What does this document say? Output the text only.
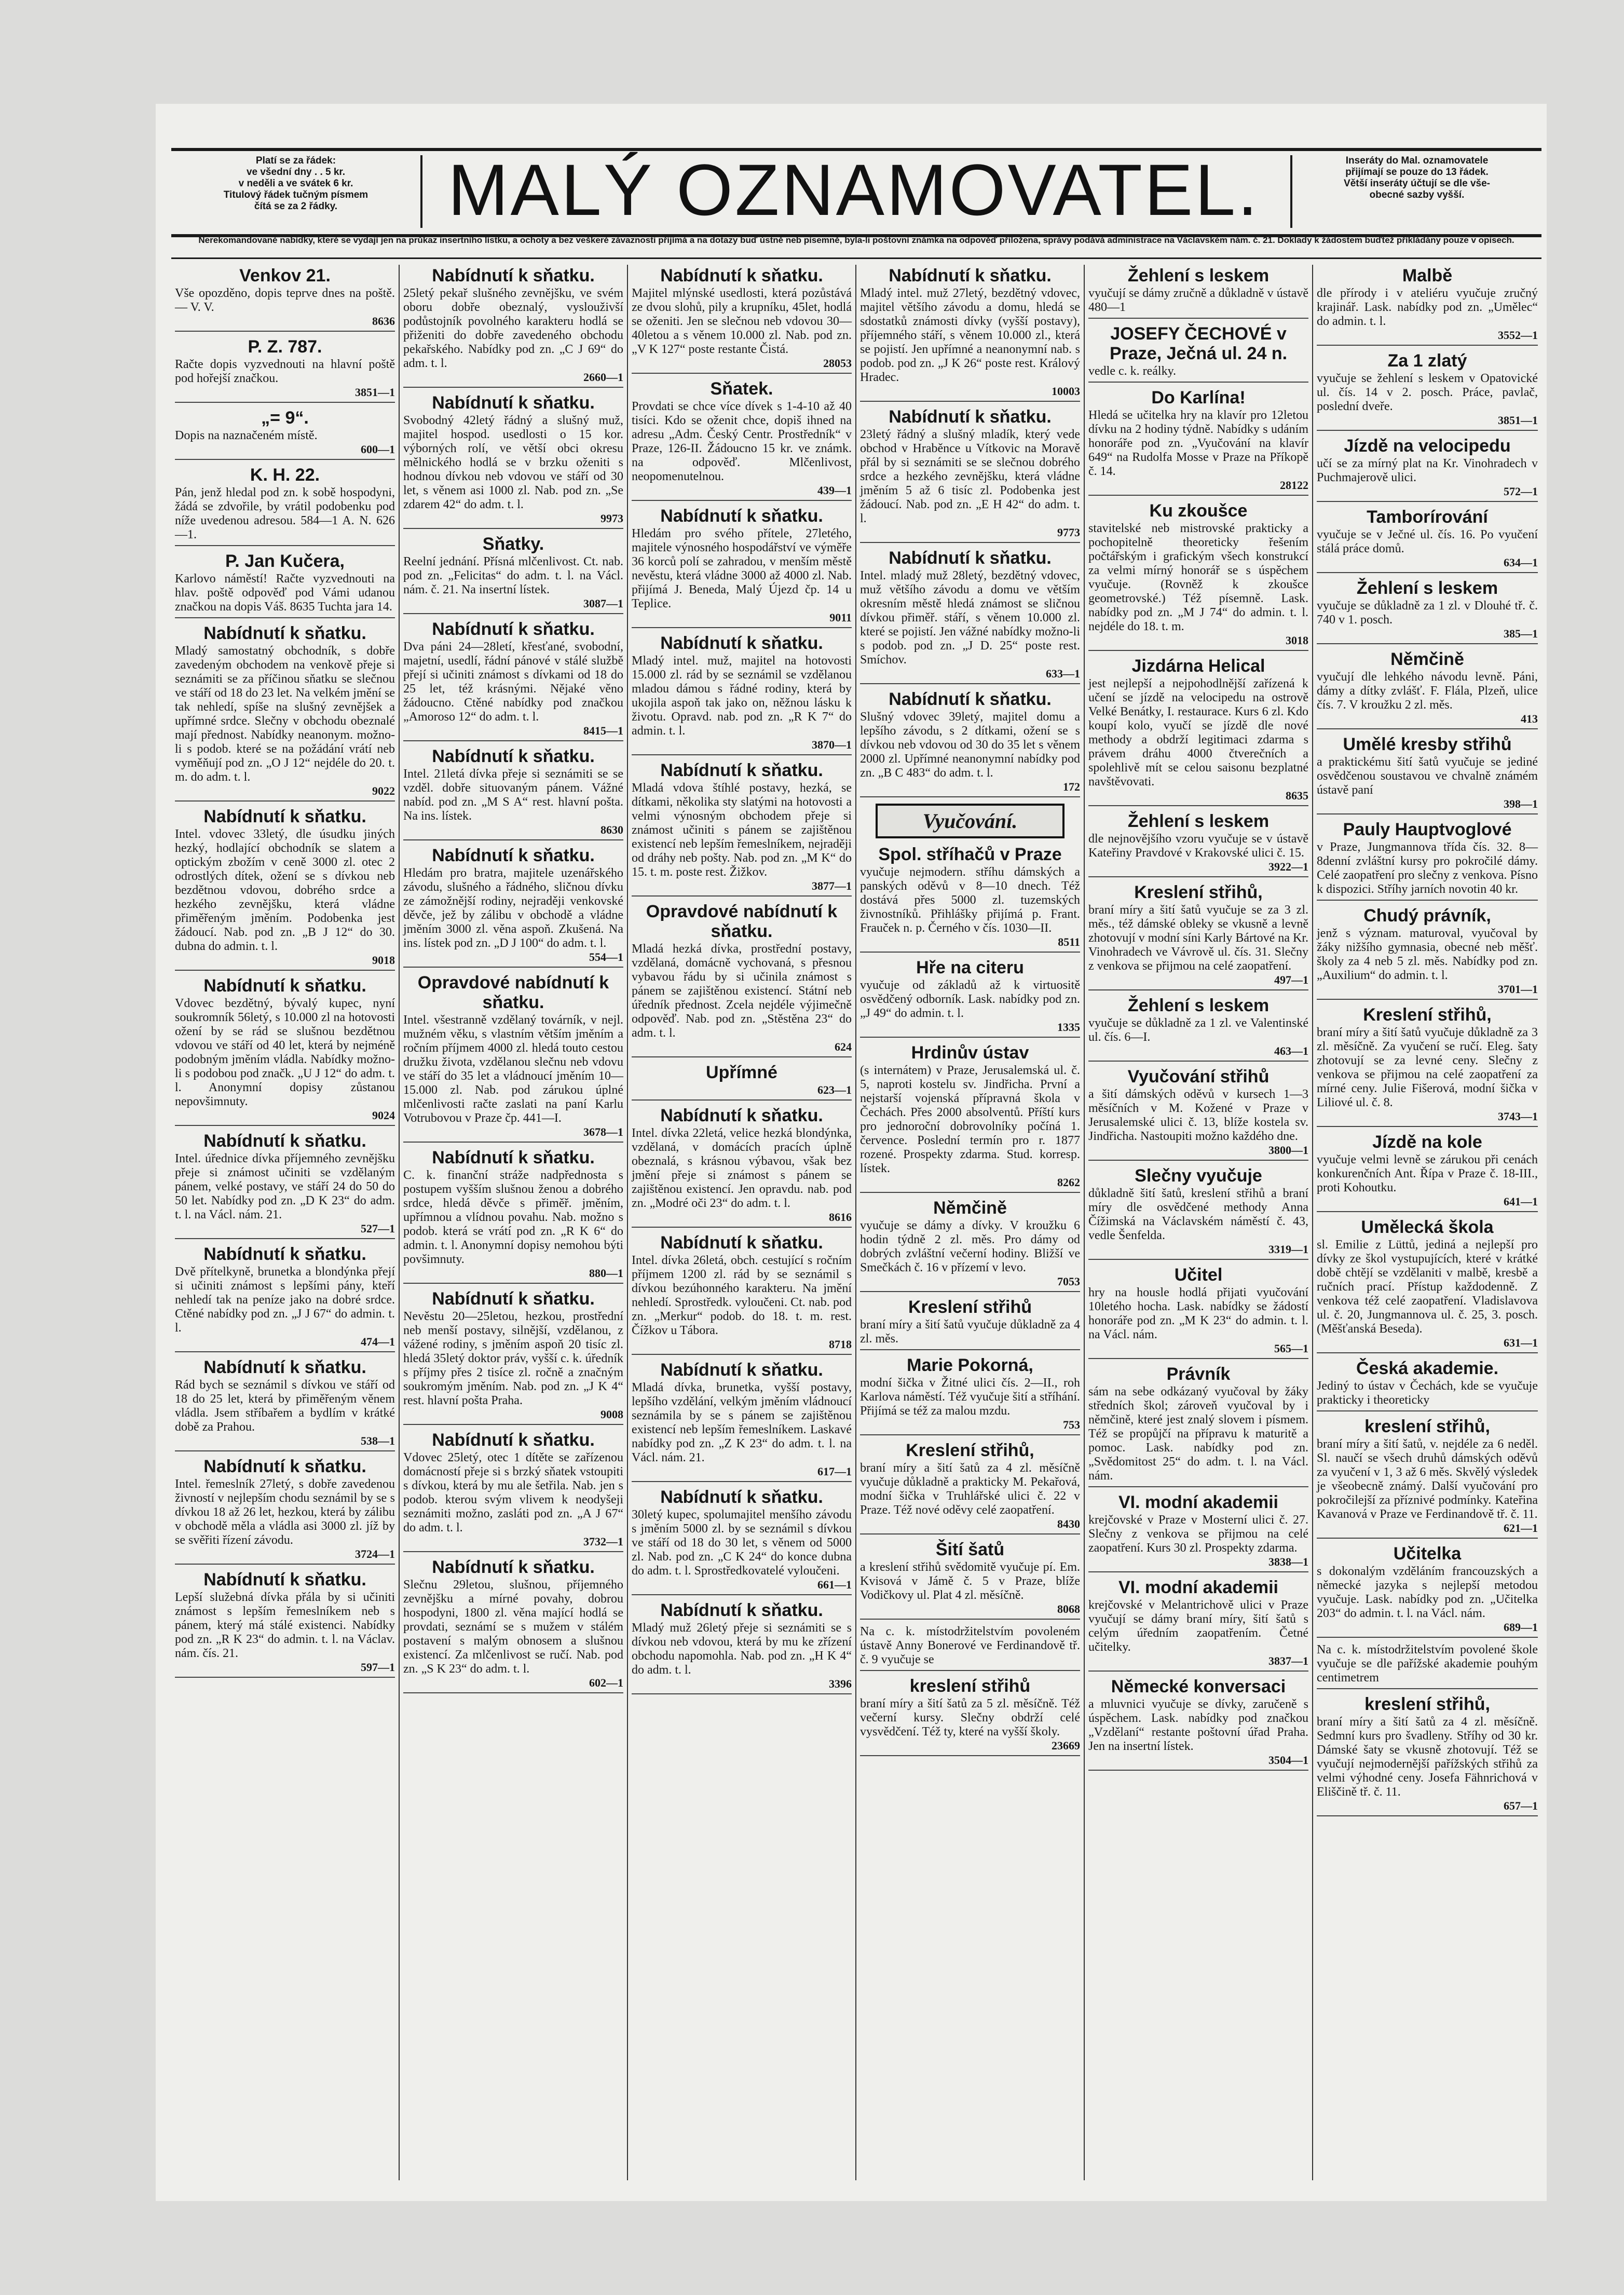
Platí se za řádek:
ve všední dny . . 5 kr.
v neděli a ve svátek 6 kr.
Titulový řádek tučným písmem
čítá se za 2 řádky.	MALÝ OZNAMOVATEL.	Inseráty do Mal. oznamovatele
přijímají se pouze do 13 řádek.
Větší inseráty účtují se dle vše-
obecné sazby vyšší.
Nerekomandované nabídky, které se vydají jen na průkaz insertního lístku, a ochoty a bez veškeré závaznosti přijímá a na dotazy buď ústně neb písemně, byla-li poštovní známka na odpověď přiložena, správy podává administrace na Václavském nám. č. 21. Doklady k žádostem buďtež přikládány pouze v opisech.
Venkov 21.
Vše opozděno, dopis teprve dnes na poště. — V. V.
8636
P. Z. 787.
Račte dopis vyzvednouti na hlavní poště pod hořejší značkou.
3851—1
„= 9“.
Dopis na naznačeném místě.
600—1
K. H. 22.
Pán, jenž hledal pod zn. k sobě hospodyni, žádá se zdvořile, by vrátil podobenku pod níže uvedenou adresou. 584—1 A. N. 626—1.
P. Jan Kučera,
Karlovo náměstí! Račte vyzvednouti na hlav. poště odpověď pod Vámi udanou značkou na dopis Váš. 8635 Tuchta jara 14.
Nabídnutí k sňatku.
Mladý samostatný obchodník, s dobře zavedeným obchodem na venkově přeje si seznámiti se za příčinou sňatku se slečnou ve stáří od 18 do 23 let. Na velkém jmění se tak nehledí, spíše na slušný zevnějšek a upřímné srdce. Slečny v obchodu obeznalé mají přednost. Nabídky neanonym. možno-li s podob. které se na požádání vrátí neb vyměňují pod zn. „O J 12“ nejdéle do 20. t. m. do adm. t. l.
9022
Nabídnutí k sňatku.
Intel. vdovec 33letý, dle úsudku jiných hezký, hodlající obchodník se slatem a optickým zbožím v ceně 3000 zl. otec 2 odrostlých dítek, ožení se s dívkou neb bezdětnou vdovou, dobrého srdce a hezkého zevnějšku, která vládne přiměřeným jměním. Podobenka jest žádoucí. Nab. pod zn. „B J 12“ do 30. dubna do admin. t. l.
9018
Nabídnutí k sňatku.
Vdovec bezdětný, bývalý kupec, nyní soukromník 56letý, s 10.000 zl na hotovosti ožení by se rád se slušnou bezdětnou vdovou ve stáří od 40 let, která by nejméně podobným jměním vládla. Nabídky možno-li s podobou pod značk. „U J 12“ do adm. t. l. Anonymní dopisy zůstanou nepovšimnuty.
9024
Nabídnutí k sňatku.
Intel. úřednice dívka příjemného zevnějšku přeje si známost učiniti se vzdělaným pánem, velké postavy, ve stáří 24 do 50 do 50 let. Nabídky pod zn. „D K 23“ do adm. t. l. na Václ. nám. 21.
527—1
Nabídnutí k sňatku.
Dvě přítelkyně, brunetka a blondýnka přejí si učiniti známost s lepšími pány, kteří nehledí tak na peníze jako na dobré srdce. Ctěné nabídky pod zn. „J J 67“ do admin. t. l.
474—1
Nabídnutí k sňatku.
Rád bych se seznámil s dívkou ve stáří od 18 do 25 let, která by přiměřeným věnem vládla. Jsem stříbařem a bydlím v krátké době za Prahou.
538—1
Nabídnutí k sňatku.
Intel. řemeslník 27letý, s dobře zavedenou živností v nejlepším chodu seznámil by se s dívkou 18 až 26 let, hezkou, která by zálibu v obchodě měla a vládla asi 3000 zl. jíž by se svěřiti řízení závodu.
3724—1
Nabídnutí k sňatku.
Lepší služebná dívka přála by si učiniti známost s lepším řemeslníkem neb s pánem, který má stálé existenci. Nabídky pod zn. „R K 23“ do admin. t. l. na Václav. nám. čís. 21.
597—1
Nabídnutí k sňatku.
25letý pekař slušného zevnějšku, ve svém oboru dobře obeznalý, vyslouživší podůstojník povolného karakteru hodlá se přiženiti do dobře zavedeného obchodu pekařského. Nabídky pod zn. „C J 69“ do adm. t. l.
2660—1
Nabídnutí k sňatku.
Svobodný 42letý řádný a slušný muž, majitel hospod. usedlosti o 15 kor. výborných rolí, ve větší obci okresu mělnického hodlá se v brzku oženiti s hodnou dívkou neb vdovou ve stáří od 30 let, s věnem asi 1000 zl. Nab. pod zn. „Se zdarem 42“ do adm. t. l.
9973
Sňatky.
Reelní jednání. Přísná mlčenlivost. Ct. nab. pod zn. „Felicitas“ do adm. t. l. na Václ. nám. č. 21. Na insertní lístek.
3087—1
Nabídnutí k sňatku.
Dva páni 24—28letí, křesťané, svobodní, majetní, usedlí, řádní pánové v stálé službě přejí si učiniti známost s dívkami od 18 do 25 let, též krásnými. Nějaké věno žádoucno. Ctěné nabídky pod značkou „Amoroso 12“ do adm. t. l.
8415—1
Nabídnutí k sňatku.
Intel. 21letá dívka přeje si seznámiti se se vzděl. dobře situovaným pánem. Vážné nabíd. pod zn. „M S A“ rest. hlavní pošta. Na ins. lístek.
8630
Nabídnutí k sňatku.
Hledám pro bratra, majitele uzenářského závodu, slušného a řádného, sličnou dívku ze zámožnější rodiny, nejraději venkovské děvče, jež by zálibu v obchodě a vládne jměním 3000 zl. věna aspoň. Zkušená. Na ins. lístek pod zn. „D J 100“ do adm. t. l.
554—1
Opravdové nabídnutí k sňatku.
Intel. všestranně vzdělaný továrník, v nejl. mužném věku, s vlastním větším jměním a ročním příjmem 4000 zl. hledá touto cestou družku života, vzdělanou slečnu neb vdovu ve stáří do 35 let a vládnoucí jměním 10—15.000 zl. Nab. pod zárukou úplné mlčenlivosti račte zaslati na paní Karlu Votrubovou v Praze čp. 441—I.
3678—1
Nabídnutí k sňatku.
C. k. finanční stráže nadpřednosta s postupem vyšším slušnou ženou a dobrého srdce, hledá děvče s přiměř. jměním, upřímnou a vlídnou povahu. Nab. možno s podob. která se vrátí pod zn. „R K 6“ do admin. t. l. Anonymní dopisy nemohou býti povšimnuty.
880—1
Nabídnutí k sňatku.
Nevěstu 20—25letou, hezkou, prostřední neb menší postavy, silnější, vzdělanou, z vážené rodiny, s jměním aspoň 20 tisíc zl. hledá 35letý doktor práv, vyšší c. k. úředník s příjmy přes 2 tisíce zl. ročně a značným soukromým jměním. Nab. pod zn. „J K 4“ rest. hlavní pošta Praha.
9008
Nabídnutí k sňatku.
Vdovec 25letý, otec 1 dítěte se zařízenou domácností přeje si s brzký sňatek vstoupiti s dívkou, která by mu ale šetřila. Nab. jen s podob. kterou svým vlivem k neodyšeji seznámiti možno, zasláti pod zn. „A J 67“ do adm. t. l.
3732—1
Nabídnutí k sňatku.
Slečnu 29letou, slušnou, příjemného zevnějšku a mírné povahy, dobrou hospodyni, 1800 zl. věna mající hodlá se provdati, seznámí se s mužem v stálém postavení s malým obnosem a slušnou existencí. Za mlčenlivost se ručí. Nab. pod zn. „S K 23“ do adm. t. l.
602—1
Nabídnutí k sňatku.
Majitel mlýnské usedlosti, která pozůstává ze dvou slohů, pily a krupníku, 45let, hodlá se oženiti. Jen se slečnou neb vdovou 30—40letou a s věnem 10.000 zl. Nab. pod zn. „V K 127“ poste restante Čistá.
28053
Sňatek.
Provdati se chce více dívek s 1-4-10 až 40 tisíci. Kdo se oženit chce, dopiš ihned na adresu „Adm. Český Centr. Prostředník“ v Praze, 126-II. Žádoucno 15 kr. ve známk. na odpověď. Mlčenlivost, neopomenutelnou.
439—1
Nabídnutí k sňatku.
Hledám pro svého přítele, 27letého, majitele výnosného hospodářství ve výměře 36 korců polí se zahradou, v menším městě nevěstu, která vládne 3000 až 4000 zl. Nab. přijímá J. Beneda, Malý Újezd čp. 14 u Teplice.
9011
Nabídnutí k sňatku.
Mladý intel. muž, majitel na hotovosti 15.000 zl. rád by se seznámil se vzdělanou mladou dámou s řádné rodiny, která by ukojila aspoň tak jako on, něžnou lásku k životu. Opravd. nab. pod zn. „R K 7“ do admin. t. l.
3870—1
Nabídnutí k sňatku.
Mladá vdova štíhlé postavy, hezká, se dítkami, několika sty slatými na hotovosti a velmi výnosným obchodem přeje si známost učiniti s pánem se zajištěnou existencí neb lepším řemeslníkem, nejraději od dráhy neb pošty. Nab. pod zn. „M K“ do 15. t. m. poste rest. Žižkov.
3877—1
Opravdové nabídnutí k sňatku.
Mladá hezká dívka, prostřední postavy, vzdělaná, domácně vychovaná, s přesnou vybavou řádu by si učinila známost s pánem se zajištěnou existencí. Státní neb úředník přednost. Zcela nejdéle výjimečně odpověď. Nab. pod zn. „Stěstěna 23“ do adm. t. l.
624
Upřímné
623—1
Nabídnutí k sňatku.
Intel. dívka 22letá, velice hezká blondýnka, vzdělaná, v domácích pracích úplně obeznalá, s krásnou výbavou, však bez jmění přeje si známost s pánem se zajištěnou existencí. Jen opravdu. nab. pod zn. „Modré oči 23“ do adm. t. l.
8616
Nabídnutí k sňatku.
Intel. dívka 26letá, obch. cestující s ročním příjmem 1200 zl. rád by se seznámil s dívkou bezúhonného karakteru. Na jmění nehledí. Sprostředk. vyloučeni. Ct. nab. pod zn. „Merkur“ podob. do 18. t. m. rest. Čížkov u Tábora.
8718
Nabídnutí k sňatku.
Mladá dívka, brunetka, vyšší postavy, lepšího vzdělání, velkým jměním vládnoucí seznámila by se s pánem se zajištěnou existencí neb lepším řemeslníkem. Laskavé nabídky pod zn. „Z K 23“ do adm. t. l. na Václ. nám. 21.
617—1
Nabídnutí k sňatku.
30letý kupec, spolumajitel menšího závodu s jměním 5000 zl. by se seznámil s dívkou ve stáří od 18 do 30 let, s věnem od 5000 zl. Nab. pod zn. „C K 24“ do konce dubna do adm. t. l. Sprostředkovatelé vyloučeni.
661—1
Nabídnutí k sňatku.
Mladý muž 26letý přeje si seznámiti se s dívkou neb vdovou, která by mu ke zřízení obchodu napomohla. Nab. pod zn. „H K 4“ do adm. t. l.
3396
Nabídnutí k sňatku.
Mladý intel. muž 27letý, bezdětný vdovec, majitel většího závodu a domu, hledá se sdostatků známosti dívky (vyšší postavy), příjemného stáří, s věnem 10.000 zl., která se pojistí. Jen upřímné a neanonymní nab. s podob. pod zn. „J K 26“ poste rest. Králový Hradec.
10003
Nabídnutí k sňatku.
23letý řádný a slušný mladík, který vede obchod v Hraběnce u Vítkovic na Moravě přál by si seznámiti se se slečnou dobrého srdce a hezkého zevnějšku, která vládne jměním 5 až 6 tisíc zl. Podobenka jest žádoucí. Nab. pod zn. „E H 42“ do adm. t. l.
9773
Nabídnutí k sňatku.
Intel. mladý muž 28letý, bezdětný vdovec, muž většího závodu a domu ve větším okresním městě hledá známost se sličnou dívkou přiměř. stáří, s věnem 10.000 zl. které se pojistí. Jen vážné nabídky možno-li s podob. pod zn. „J D. 25“ poste rest. Smíchov.
633—1
Nabídnutí k sňatku.
Slušný vdovec 39letý, majitel domu a lepšího závodu, s 2 dítkami, ožení se s dívkou neb vdovou od 30 do 35 let s věnem 2000 zl. Upřímné neanonymní nabídky pod zn. „B C 483“ do adm. t. l.
172
Vyučování.
Spol. stříhačů v Praze
vyučuje nejmodern. stříhu dámských a panských oděvů v 8—10 dnech. Též dostává přes 5000 zl. tuzemských živnostníků. Přihlášky přijímá p. Frant. Frauček n. p. Černého v čís. 1030—II.
8511
Hře na citeru
vyučuje od základů až k virtuositě osvědčený odborník. Lask. nabídky pod zn. „J 49“ do admin. t. l.
1335
Hrdinův ústav
(s internátem) v Praze, Jerusalemská ul. č. 5, naproti kostelu sv. Jindřicha. První a nejstarší vojenská přípravná škola v Čechách. Přes 2000 absolventů. Příští kurs pro jednoroční dobrovolníky počíná 1. července. Poslední termín pro r. 1877 rozené. Prospekty zdarma. Stud. korresp. lístek.
8262
Němčině
vyučuje se dámy a dívky. V kroužku 6 hodin týdně 2 zl. měs. Pro dámy od dobrých zvláštní večerní hodiny. Bližší ve Smečkách č. 16 v přízemí v levo.
7053
Kreslení střihů
braní míry a šití šatů vyučuje důkladně za 4 zl. měs.
Marie Pokorná,
modní šička v Žitné ulici čís. 2—II., roh Karlova náměstí. Též vyučuje šití a stříhání. Přijímá se též za malou mzdu.
753
Kreslení střihů,
braní míry a šití šatů za 4 zl. měsíčně vyučuje důkladně a prakticky M. Pekařová, modní šička v Truhlářské ulici č. 22 v Praze. Též nové oděvy celé zaopatření.
8430
Šití šatů
a kreslení střihů svědomitě vyučuje pí. Em. Kvisová v Jámě č. 5 v Praze, blíže Vodičkovy ul. Plat 4 zl. měsíčně.
8068
Na c. k. místodržitelstvím povoleném ústavě Anny Bonerové ve Ferdinandově tř. č. 9 vyučuje se
kreslení střihů
braní míry a šití šatů za 5 zl. měsíčně. Též večerní kursy. Slečny obdrží celé vysvědčení. Též ty, které na vyšší školy.
23669
Žehlení s leskem
vyučují se dámy zručně a důkladně v ústavě 480—1
JOSEFY ČECHOVÉ v Praze, Ječná ul. 24 n.
vedle c. k. reálky.
Do Karlína!
Hledá se učitelka hry na klavír pro 12letou dívku na 2 hodiny týdně. Nabídky s udáním honoráře pod zn. „Vyučování na klavír 649“ na Rudolfa Mosse v Praze na Příkopě č. 14.
28122
Ku zkoušce
stavitelské neb mistrovské prakticky a pochopitelně theoreticky řešením počtářským i grafickým všech konstrukcí za velmi mírný honorář se s úspěchem vyučuje. (Rovněž k zkoušce geometrovské.) Též písemně. Lask. nabídky pod zn. „M J 74“ do admin. t. l. nejdéle do 18. t. m.
3018
Jizdárna Helical
jest nejlepší a nejpohodlnější zařízená k učení se jízdě na velocipedu na ostrově Velké Benátky, I. restaurace. Kurs 6 zl. Kdo koupí kolo, vyučí se jízdě dle nové methody a obdrží legitimaci zdarma s právem dráhu 4000 čtverečních a spolehlivě mít se celou saisonu bezplatné navštěvovati.
8635
Žehlení s leskem
dle nejnovějšího vzoru vyučuje se v ústavě Kateřiny Pravdové v Krakovské ulici č. 15.
3922—1
Kreslení střihů,
braní míry a šití šatů vyučuje se za 3 zl. měs., též dámské obleky se vkusně a levně zhotovují v modní síni Karly Bártové na Kr. Vinohradech ve Vávrově ul. čís. 31. Slečny z venkova se přijmou na celé zaopatření.
497—1
Žehlení s leskem
vyučuje se důkladně za 1 zl. ve Valentinské ul. čís. 6—I.
463—1
Vyučování střihů
a šití dámských oděvů v kursech 1—3 měsíčních v M. Kožené v Praze v Jerusalemské ulici č. 13, blíže kostela sv. Jindřicha. Nastoupiti možno každého dne.
3800—1
Slečny vyučuje
důkladně šití šatů, kreslení střihů a braní míry dle osvědčené methody Anna Čížimská na Václavském náměstí č. 43, vedle Šenfelda.
3319—1
Učitel
hry na housle hodlá přijati vyučování 10letého hocha. Lask. nabídky se žádostí honoráře pod zn. „M K 23“ do admin. t. l. na Václ. nám.
565—1
Právník
sám na sebe odkázaný vyučoval by žáky středních škol; zároveň vyučoval by i němčině, které jest znalý slovem i písmem. Též se propůjčí na přípravu k maturitě a pomoc. Lask. nabídky pod zn. „Svědomitost 25“ do adm. t. l. na Václ. nám.
VI. modní akademii
krejčovské v Praze v Mosterní ulici č. 27. Slečny z venkova se přijmou na celé zaopatření. Kurs 30 zl. Prospekty zdarma.
3838—1
VI. modní akademii
krejčovské v Melantrichově ulici v Praze vyučují se dámy braní míry, šití šatů s celým úředním zaopatřením. Četné učitelky.
3837—1
Německé konversaci
a mluvnici vyučuje se dívky, zaručeně s úspěchem. Lask. nabídky pod značkou „Vzdělaní“ restante poštovní úřad Praha. Jen na insertní lístek.
3504—1
Malbě
dle přírody i v ateliéru vyučuje zručný krajinář. Lask. nabídky pod zn. „Umělec“ do admin. t. l.
3552—1
Za 1 zlatý
vyučuje se žehlení s leskem v Opatovické ul. čís. 14 v 2. posch. Práce, pavlač, poslední dveře.
3851—1
Jízdě na velocipedu
učí se za mírný plat na Kr. Vinohradech v Puchmajerově ulici.
572—1
Tamborírování
vyučuje se v Ječné ul. čís. 16. Po vyučení stálá práce domů.
634—1
Žehlení s leskem
vyučuje se důkladně za 1 zl. v Dlouhé tř. č. 740 v 1. posch.
385—1
Němčině
vyučují dle lehkého návodu levně. Páni, dámy a dítky zvlášť. F. Flála, Plzeň, ulice čís. 7. V kroužku 2 zl. měs.
413
Umělé kresby střihů
a praktickému šití šatů vyučuje se jediné osvědčenou soustavou ve chvalně známém ústavě paní
398—1
Pauly Hauptvoglové
v Praze, Jungmannova třída čís. 32. 8—8denní zvláštní kursy pro pokročilé dámy. Celé zaopatření pro slečny z venkova. Písno k dispozici. Stříhy jarních novotin 40 kr.
Chudý právník,
jenž s význam. maturoval, vyučoval by žáky nižšího gymnasia, obecné neb měšť. školy za 4 neb 5 zl. měs. Nabídky pod zn. „Auxilium“ do admin. t. l.
3701—1
Kreslení střihů,
braní míry a šití šatů vyučuje důkladně za 3 zl. měsíčně. Za vyučení se ručí. Eleg. šaty zhotovují se za levné ceny. Slečny z venkova se přijmou na celé zaopatření za mírné ceny. Julie Fišerová, modní šička v Liliové ul. č. 8.
3743—1
Jízdě na kole
vyučuje velmi levně se zárukou při cenách konkurenčních Ant. Řípa v Praze č. 18-III., proti Kohoutku.
641—1
Umělecká škola
sl. Emilie z Lüttů, jediná a nejlepší pro dívky ze škol vystupujících, které v krátké době chtějí se vzdělaniti v malbě, kresbě a ručních prací. Přístup každodenně. Z venkova též celé zaopatření. Vladislavova ul. č. 20, Jungmannova ul. č. 25, 3. posch. (Měšťanská Beseda).
631—1
Česká akademie.
Jediný to ústav v Čechách, kde se vyučuje prakticky i theoreticky
kreslení střihů,
braní míry a šití šatů, v. nejdéle za 6 neděl. Sl. naučí se všech druhů dámských oděvů za vyučení v 1, 3 až 6 měs. Skvělý výsledek je všeobecně známý. Další vyučování pro pokročilejší za příznivé podmínky. Kateřina Kavanová v Praze ve Ferdinandově tř. č. 11.
621—1
Učitelka
s dokonalým vzděláním francouzských a německé jazyka s nejlepší metodou vyučuje. Lask. nabídky pod zn. „Učitelka 203“ do admin. t. l. na Václ. nám.
689—1
Na c. k. místodržitelstvím povolené škole vyučuje se dle pařížské akademie pouhým centimetrem
kreslení střihů,
braní míry a šití šatů za 4 zl. měsíčně. Sedmní kurs pro švadleny. Stříhy od 30 kr. Dámské šaty se vkusně zhotovují. Též se vyučují nejmodernější pařížských střihů za velmi výhodné ceny. Josefa Fähnrichová v Eliščině tř. č. 11.
657—1
